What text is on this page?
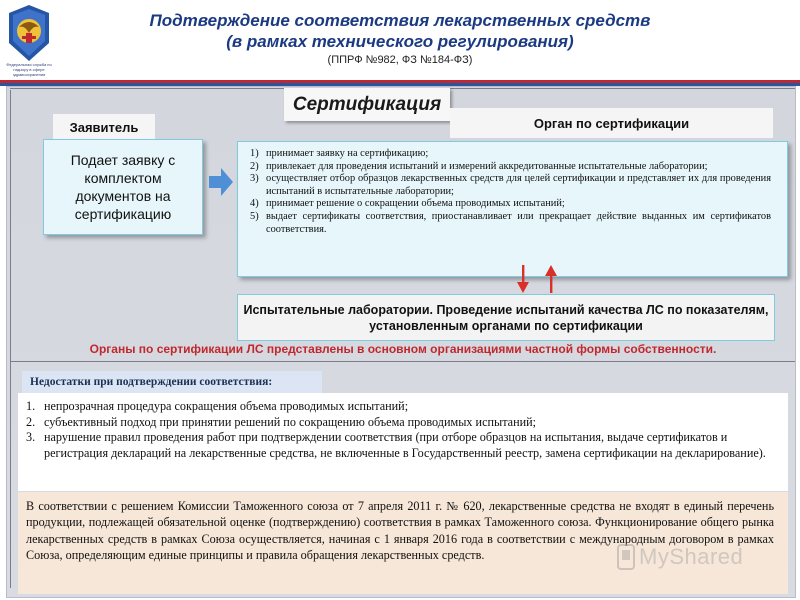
Федеральная служба по надзору в сфере здравоохранения
Подтверждение соответствия лекарственных средств
(в рамках технического регулирования)
(ППРФ №982, ФЗ №184-ФЗ)
Сертификация
Заявитель	Орган по сертификации
Подает заявку с комплектом документов на сертификацию
1) принимает заявку на сертификацию;
2) привлекает для проведения испытаний и измерений аккредитованные испытательные лаборатории;
3) осуществляет отбор образцов лекарственных средств для целей сертификации и представляет их для проведения испытаний в испытательные лаборатории;
4) принимает решение о сокращении объема проводимых испытаний;
5) выдает сертификаты соответствия, приостанавливает или прекращает действие выданных им сертификатов соответствия.
Испытательные лаборатории. Проведение испытаний качества ЛС по показателям, установленным органами по сертификации
Органы по сертификации ЛС представлены в основном организациями частной формы собственности.
Недостатки при подтверждении соответствия:
1. непрозрачная процедура сокращения объема проводимых испытаний;
2. субъективный подход при принятии решений по сокращению объема проводимых испытаний;
3. нарушение правил проведения работ при подтверждении соответствия (при отборе образцов на испытания, выдаче сертификатов и регистрация деклараций на лекарственные средства, не включенные в Государственный реестр, замена сертификации на декларирование).
В соответствии с решением Комиссии Таможенного союза от 7 апреля 2011 г. № 620, лекарственные средства не входят в единый перечень продукции, подлежащей обязательной оценке (подтверждению) соответствия в рамках Таможенного союза. Функционирование общего рынка лекарственных средств в рамках Союза осуществляется, начиная с 1 января 2016 года в соответствии с международным договором в рамках Союза, определяющим единые принципы и правила обращения лекарственных средств.	MyShared
